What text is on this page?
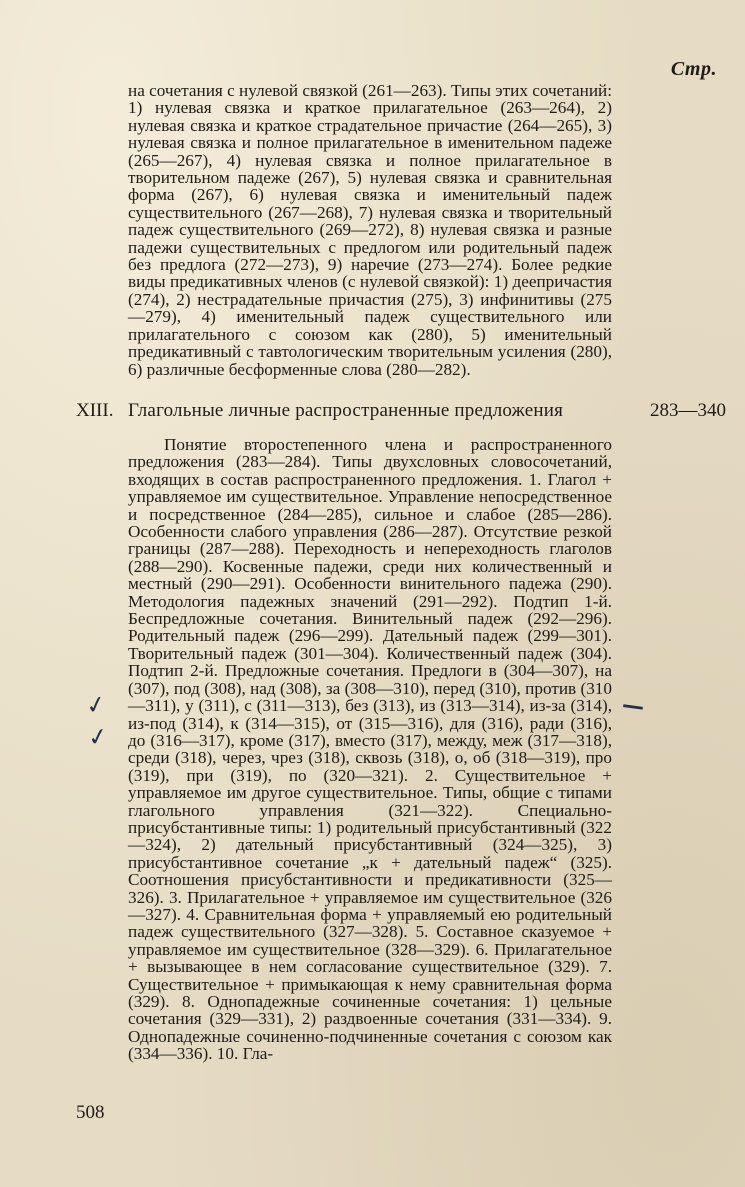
Стр.

на сочетания с нулевой связкой (261—263). Типы этих сочетаний: 1) нулевая связка и краткое прилагательное (263—264), 2) нулевая связка и краткое страдательное причастие (264—265), 3) нулевая связка и полное прилагательное в именительном падеже (265—267), 4) нулевая связка и полное прилагательное в творительном падеже (267), 5) нулевая связка и сравнительная форма (267), 6) нулевая связка и именительный падеж существительного (267—268), 7) нулевая связка и творительный падеж существительного (269—272), 8) нулевая связка и разные падежи существительных с предлогом или родительный падеж без предлога (272—273), 9) наречие (273—274). Более редкие виды предикативных членов (с нулевой связкой): 1) деепричастия (274), 2) нестрадательные причастия (275), 3) инфинитивы (275—279), 4) именительный падеж существительного или прилагательного с союзом как (280), 5) именительный предикативный с тавтологическим творительным усиления (280), 6) различные бесформенные слова (280—282).

XIII. Глагольные личные распространенные предложения	283—340

Понятие второстепенного члена и распространенного предложения (283—284). Типы двухсловных словосочетаний, входящих в состав распространенного предложения. 1. Глагол + управляемое им существительное. Управление непосредственное и посредственное (284—285), сильное и слабое (285—286). Особенности слабого управления (286—287). Отсутствие резкой границы (287—288). Переходность и непереходность глаголов (288—290). Косвенные падежи, среди них количественный и местный (290—291). Особенности винительного падежа (290). Методология падежных значений (291—292). Подтип 1-й. Беспредложные сочетания. Винительный падеж (292—296). Родительный падеж (296—299). Дательный падеж (299—301). Творительный падеж (301—304). Количественный падеж (304). Подтип 2-й. Предложные сочетания. Предлоги в (304—307), на (307), под (308), над (308), за (308—310), перед (310), против (310—311), у (311), с (311—313), без (313), из (313—314), из-за (314), из-под (314), к (314—315), от (315—316), для (316), ради (316), до (316—317), кроме (317), вместо (317), между, меж (317—318), среди (318), через, чрез (318), сквозь (318), о, об (318—319), про (319), при (319), по (320—321). 2. Существительное + управляемое им другое существительное. Типы, общие с типами глагольного управления (321—322). Специально-присубстантивные типы: 1) родительный присубстантивный (322—324), 2) дательный присубстантивный (324—325), 3) присубстантивное сочетание „к + дательный падеж“ (325). Соотношения присубстантивности и предикативности (325—326). 3. Прилагательное + управляемое им существительное (326—327). 4. Сравнительная форма + управляемый ею родительный падеж существительного (327—328). 5. Составное сказуемое + управляемое им существительное (328—329). 6. Прилагательное + вызывающее в нем согласование существительное (329). 7. Существительное + примыкающая к нему сравнительная форма (329). 8. Однопадежные сочиненные сочетания: 1) цельные сочетания (329—331), 2) раздвоенные сочетания (331—334). 9. Однопадежные сочиненно-подчиненные сочетания с союзом как (334—336). 10. Гла-

✓
✓
—
508
